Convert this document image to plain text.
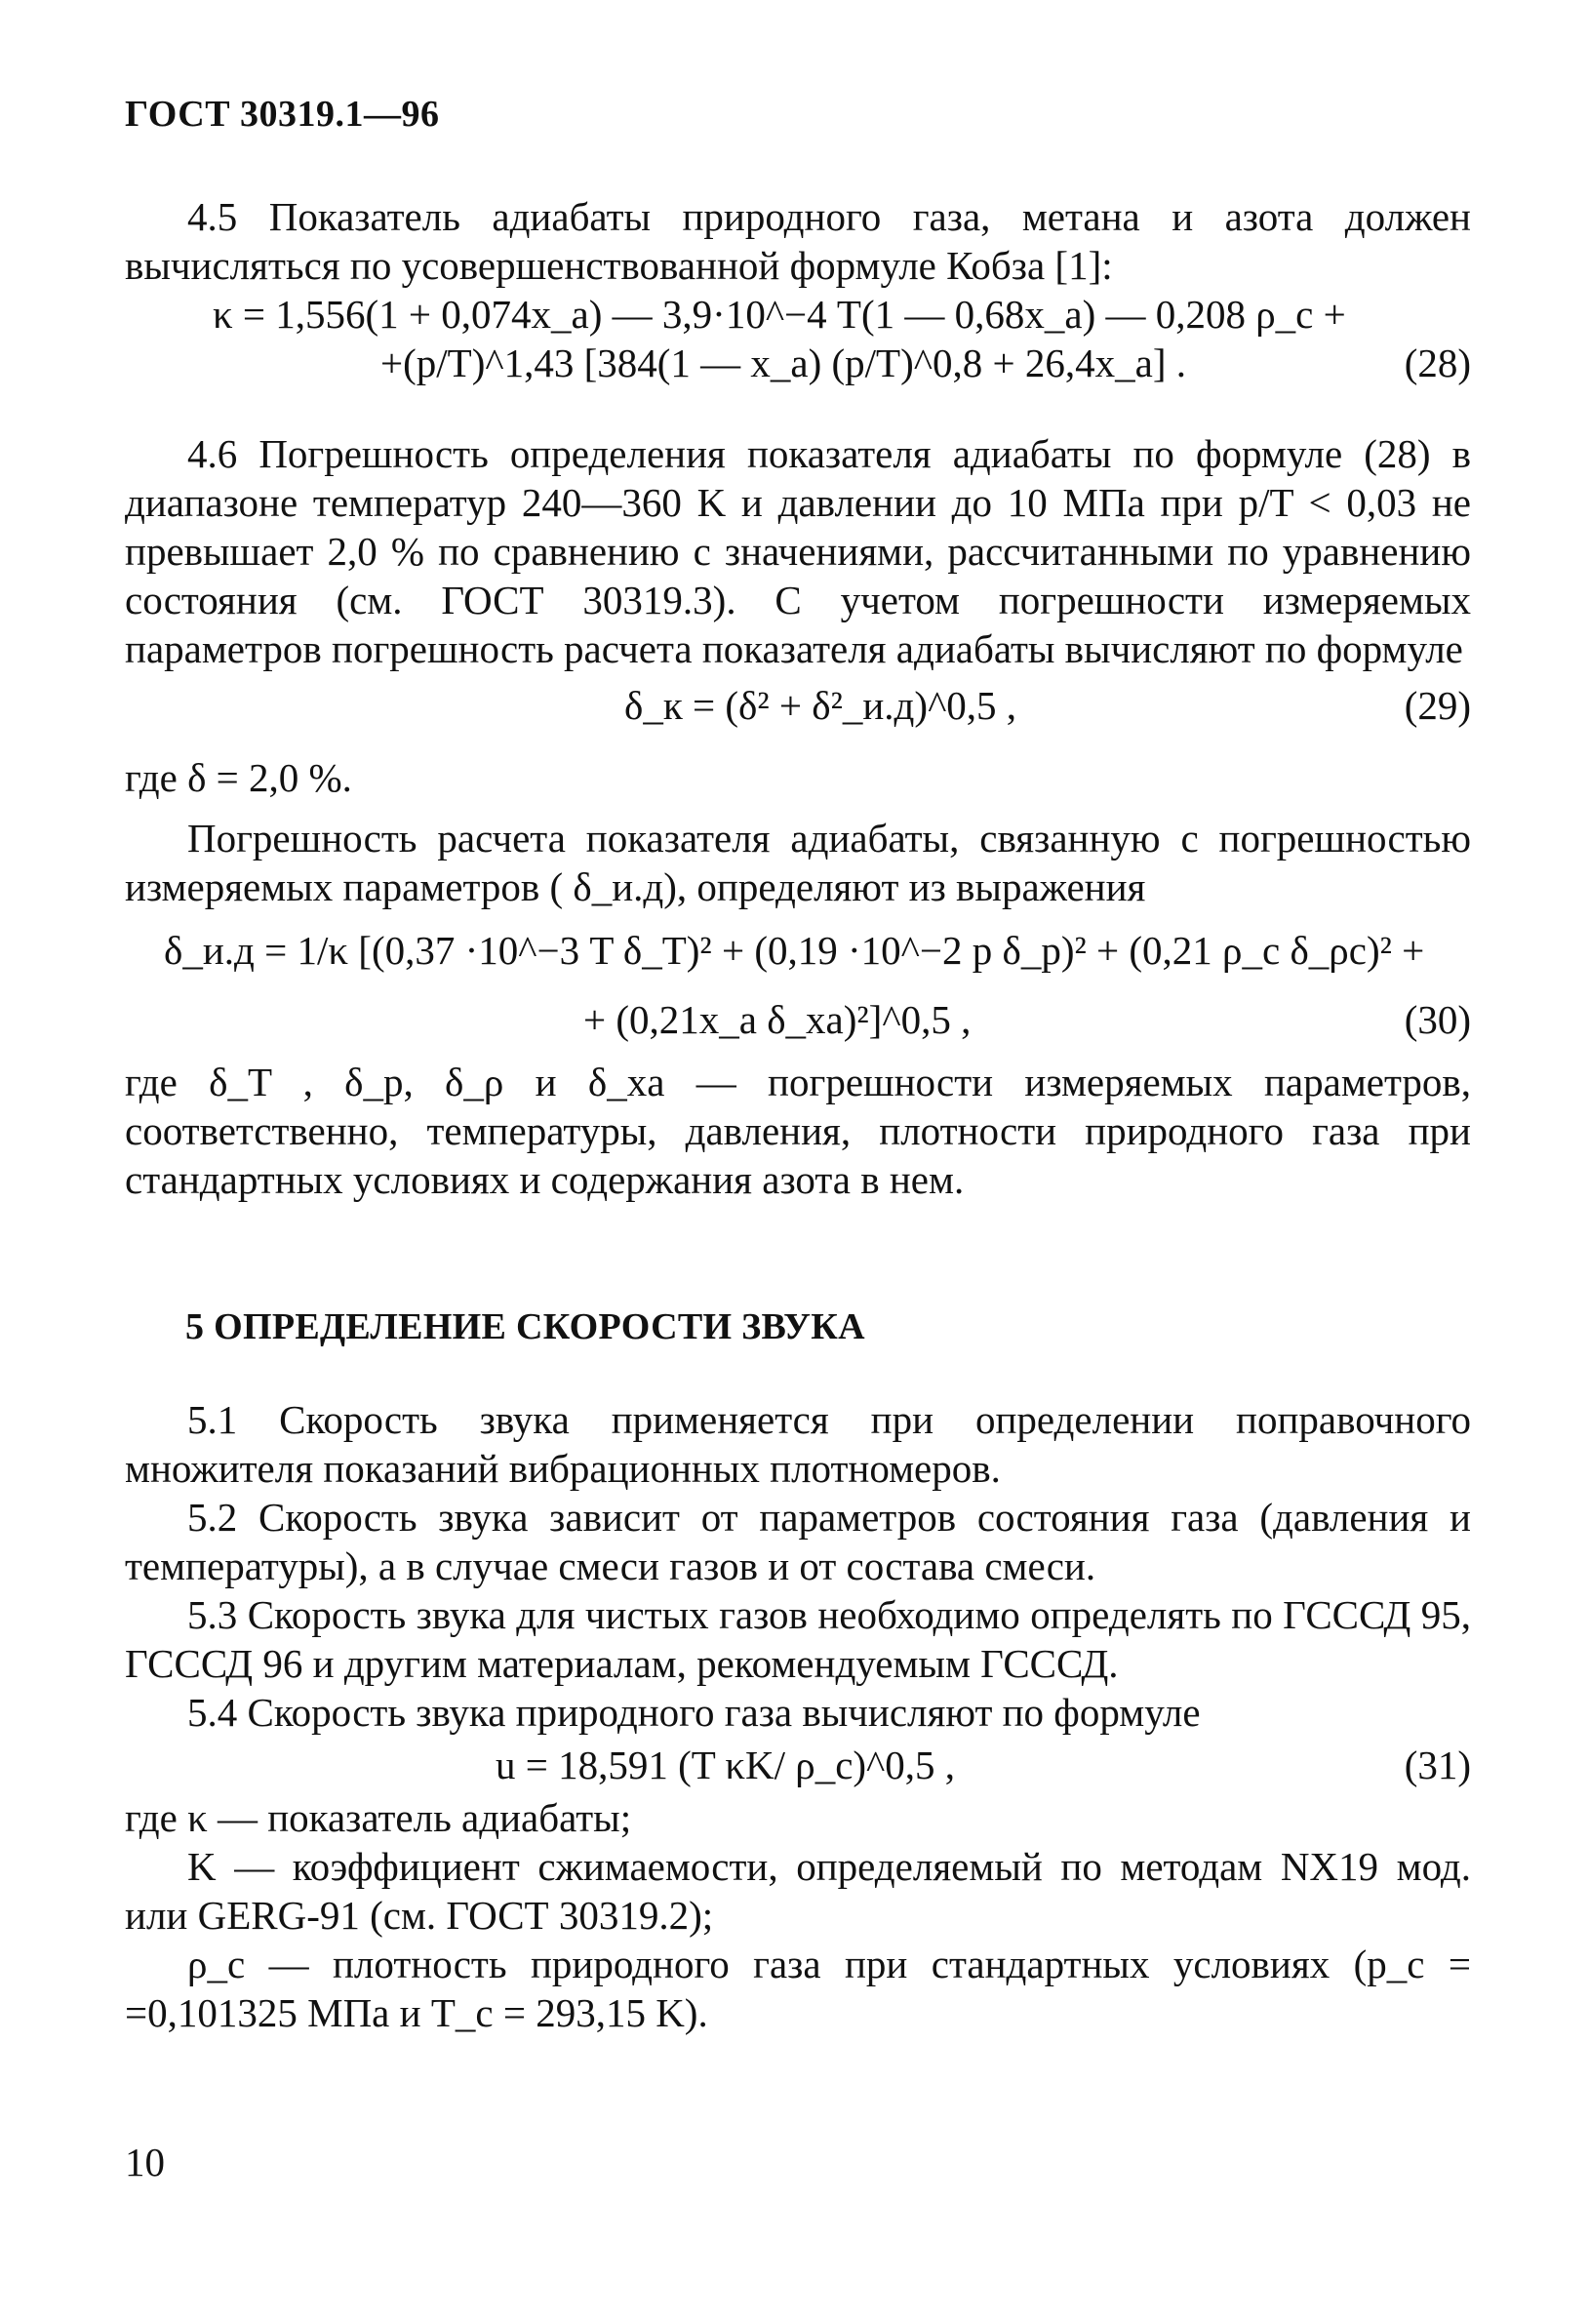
ГОСТ 30319.1—96

4.5 Показатель адиабаты природного газа, метана и азота должен вычисляться по усовершенствованной формуле Кобза [1]:

κ = 1,556(1 + 0,074x_a) — 3,9·10^−4 T(1 — 0,68x_a) — 0,208 ρ_c +
+(p/T)^1,43 [384(1 — x_a) (p/T)^0,8 + 26,4x_a] .	(28)

4.6 Погрешность определения показателя адиабаты по формуле (28) в диапазоне температур 240—360 K и давлении до 10 МПа при p/T < 0,03 не превышает 2,0 % по сравнению с значениями, рассчитанными по уравнению состояния (см. ГОСТ 30319.3). С учетом погрешности измеряемых параметров погрешность расчета показателя адиабаты вычисляют по формуле

δ_к = (δ² + δ²_и.д)^0,5 ,	(29)

где δ = 2,0 %.

Погрешность расчета показателя адиабаты, связанную с погрешностью измеряемых параметров ( δ_и.д), определяют из выражения

δ_и.д = 1/κ [(0,37 ·10^−3 T δ_T)² + (0,19 ·10^−2 p δ_p)² + (0,21 ρ_c δ_ρc)² +
+ (0,21x_a δ_xa)²]^0,5 ,	(30)

где δ_T , δ_p, δ_ρ и δ_xa — погрешности измеряемых параметров, соответственно, температуры, давления, плотности природного газа при стандартных условиях и содержания азота в нем.

5 ОПРЕДЕЛЕНИЕ СКОРОСТИ ЗВУКА

5.1 Скорость звука применяется при определении поправочного множителя показаний вибрационных плотномеров.

5.2 Скорость звука зависит от параметров состояния газа (давления и температуры), а в случае смеси газов и от состава смеси.

5.3 Скорость звука для чистых газов необходимо определять по ГСССД 95, ГСССД 96 и другим материалам, рекомендуемым ГСССД.

5.4 Скорость звука природного газа вычисляют по формуле

u = 18,591 (T κK/ ρ_c)^0,5 ,	(31)

где κ — показатель адиабаты;

K — коэффициент сжимаемости, определяемый по методам NX19 мод. или GERG-91 (см. ГОСТ 30319.2);

ρ_c — плотность природного газа при стандартных условиях (p_c = =0,101325 МПа и T_c = 293,15 K).

10
